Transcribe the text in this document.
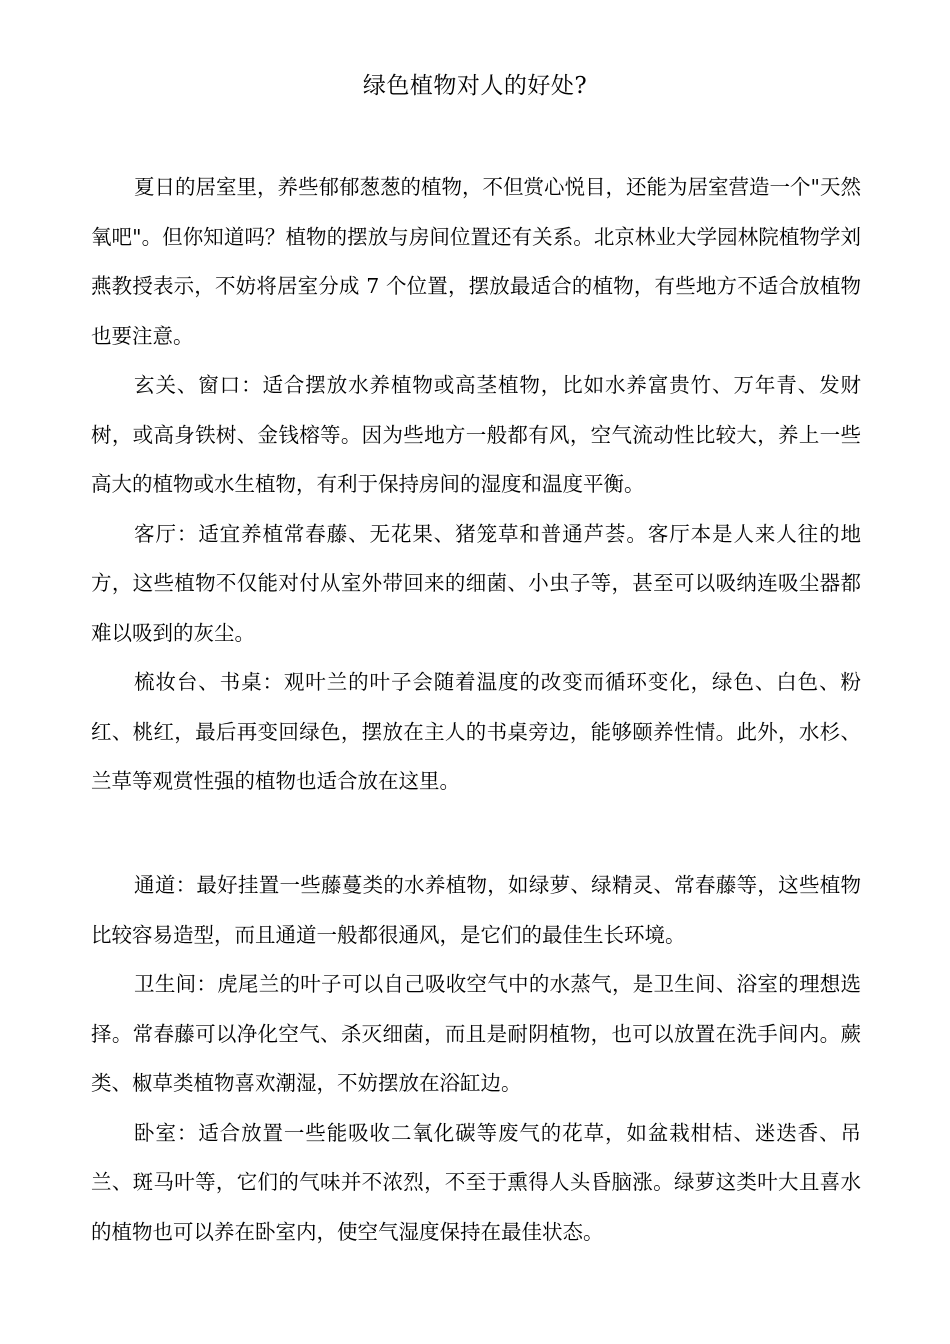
绿色植物对人的好处?

夏日的居室里，养些郁郁葱葱的植物，不但赏心悦目，还能为居室营造一个"天然氧吧"。但你知道吗？植物的摆放与房间位置还有关系。北京林业大学园林院植物学刘燕教授表示，不妨将居室分成 7 个位置，摆放最适合的植物，有些地方不适合放植物也要注意。

玄关、窗口：适合摆放水养植物或高茎植物，比如水养富贵竹、万年青、发财树，或高身铁树、金钱榕等。因为些地方一般都有风，空气流动性比较大，养上一些高大的植物或水生植物，有利于保持房间的湿度和温度平衡。

客厅：适宜养植常春藤、无花果、猪笼草和普通芦荟。客厅本是人来人往的地方，这些植物不仅能对付从室外带回来的细菌、小虫子等，甚至可以吸纳连吸尘器都难以吸到的灰尘。

梳妆台、书桌：观叶兰的叶子会随着温度的改变而循环变化，绿色、白色、粉红、桃红，最后再变回绿色，摆放在主人的书桌旁边，能够颐养性情。此外，水杉、兰草等观赏性强的植物也适合放在这里。

通道：最好挂置一些藤蔓类的水养植物，如绿萝、绿精灵、常春藤等，这些植物比较容易造型，而且通道一般都很通风，是它们的最佳生长环境。

卫生间：虎尾兰的叶子可以自己吸收空气中的水蒸气，是卫生间、浴室的理想选择。常春藤可以净化空气、杀灭细菌，而且是耐阴植物，也可以放置在洗手间内。蕨类、椒草类植物喜欢潮湿，不妨摆放在浴缸边。

卧室：适合放置一些能吸收二氧化碳等废气的花草，如盆栽柑桔、迷迭香、吊兰、斑马叶等，它们的气味并不浓烈，不至于熏得人头昏脑涨。绿萝这类叶大且喜水的植物也可以养在卧室内，使空气湿度保持在最佳状态。
